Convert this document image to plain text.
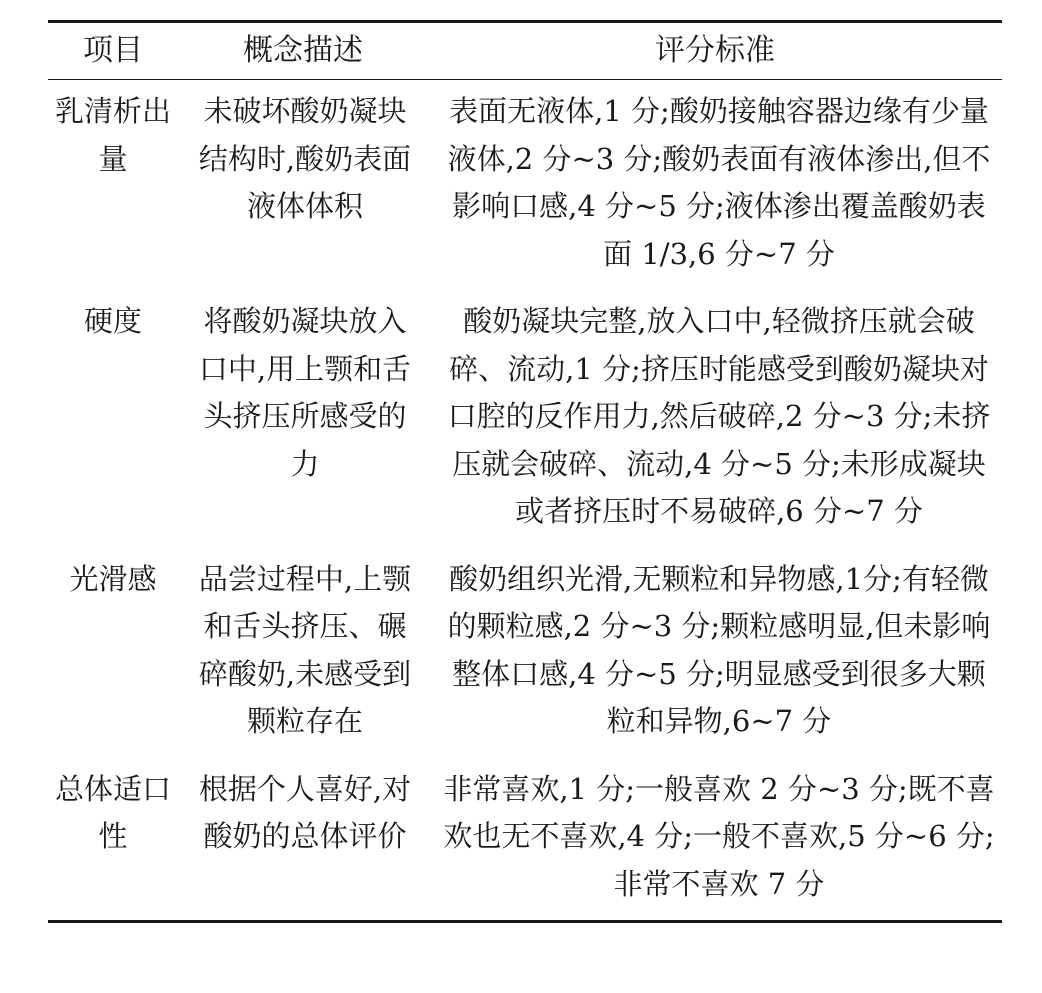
项目	概念描述	评分标准

乳清析出量	未破坏酸奶凝块结构时,酸奶表面液体体积	表面无液体,1 分;酸奶接触容器边缘有少量液体,2 分~3 分;酸奶表面有液体渗出,但不影响口感,4 分~5 分;液体渗出覆盖酸奶表面 1/3,6 分~7 分

硬度	将酸奶凝块放入口中,用上颚和舌头挤压所感受的力	酸奶凝块完整,放入口中,轻微挤压就会破碎、流动,1 分;挤压时能感受到酸奶凝块对口腔的反作用力,然后破碎,2 分~3 分;未挤压就会破碎、流动,4 分~5 分;未形成凝块或者挤压时不易破碎,6 分~7 分

光滑感	品尝过程中,上颚和舌头挤压、碾碎酸奶,未感受到颗粒存在	酸奶组织光滑,无颗粒和异物感,1分;有轻微的颗粒感,2 分~3 分;颗粒感明显,但未影响整体口感,4 分~5 分;明显感受到很多大颗粒和异物,6~7 分

总体适口性	根据个人喜好,对酸奶的总体评价	非常喜欢,1 分;一般喜欢 2 分~3 分;既不喜欢也无不喜欢,4 分;一般不喜欢,5 分~6 分;非常不喜欢 7 分
